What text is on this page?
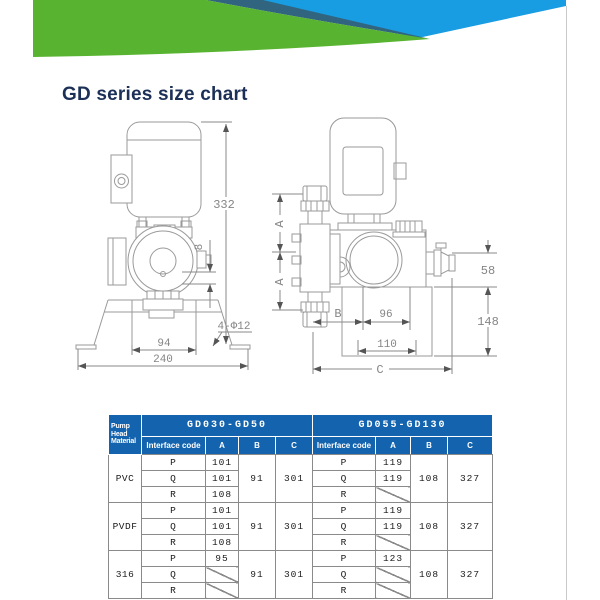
GD series size chart
332
8
94
240
4-Φ12
A
A
58
148
96
110
B
C
Pump
Head
Material	GD030-GD50				GD055-GD130			
	Interface code	A	B	C	Interface code	A	B	C
PVC	P	101	91	301	P	119	108	327
	Q	101			Q	119		
	R	108			R			
PVDF	P	101	91	301	P	119	108	327
	Q	101			Q	119		
	R	108			R			
316	P	95	91	301	P	123	108	327
	Q				Q			
	R				R			
